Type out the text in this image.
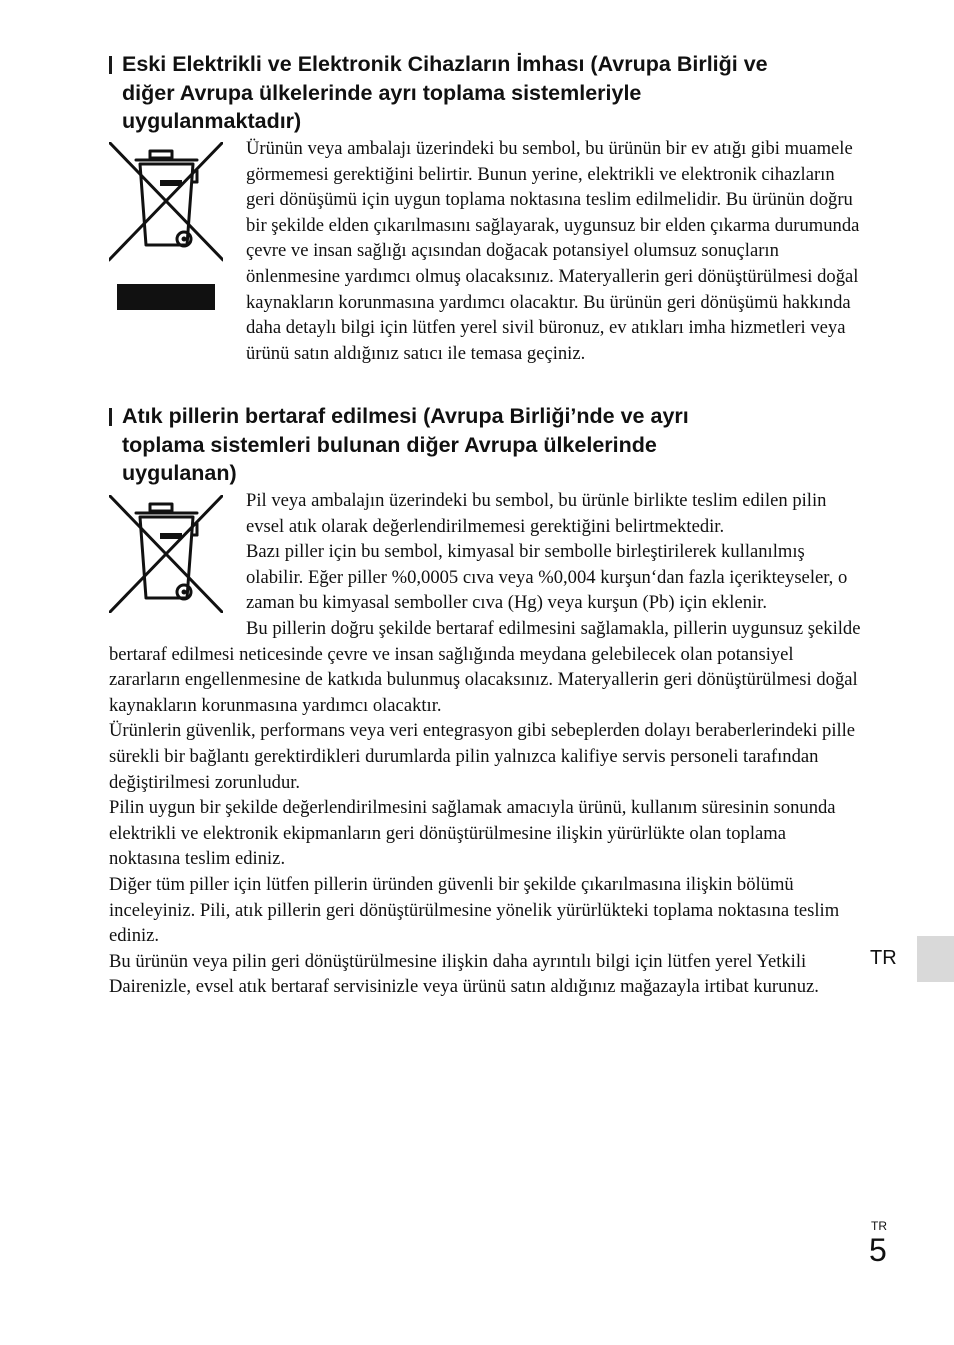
Eski Elektrikli ve Elektronik Cihazların İmhası (Avrupa Birliği ve
diğer Avrupa ülkelerinde ayrı toplama sistemleriyle
uygulanmaktadır)

Ürünün veya ambalajı üzerindeki bu sembol, bu ürünün bir ev atığı gibi muamele görmemesi gerektiğini belirtir. Bunun yerine, elektrikli ve elektronik cihazların geri dönüşümü için uygun toplama noktasına teslim edilmelidir. Bu ürünün doğru bir şekilde elden çıkarılmasını sağlayarak, uygunsuz bir elden çıkarma durumunda çevre ve insan sağlığı açısından doğacak potansiyel olumsuz sonuçların önlenmesine yardımcı olmuş olacaksınız. Materyallerin geri dönüştürülmesi doğal kaynakların korunmasına yardımcı olacaktır. Bu ürünün geri dönüşümü hakkında daha detaylı bilgi için lütfen yerel sivil büronuz, ev atıkları imha hizmetleri veya ürünü satın aldığınız satıcı ile temasa geçiniz.

Atık pillerin bertaraf edilmesi (Avrupa Birliği’nde ve ayrı
toplama sistemleri bulunan diğer Avrupa ülkelerinde
uygulanan)
Pil veya ambalajın üzerindeki bu sembol, bu ürünle birlikte teslim edilen pilin evsel atık olarak değerlendirilmemesi gerektiğini belirtmektedir.
Bazı piller için bu sembol, kimyasal bir sembolle birleştirilerek kullanılmış olabilir. Eğer piller %0,0005 cıva veya %0,004 kurşun‘dan fazla içerikteyseler, o zaman bu kimyasal semboller cıva (Hg) veya kurşun (Pb) için eklenir.
Bu pillerin doğru şekilde bertaraf edilmesini sağlamakla, pillerin uygunsuz şekilde bertaraf edilmesi neticesinde çevre ve insan sağlığında meydana gelebilecek olan potansiyel zararların engellenmesine de katkıda bulunmuş olacaksınız. Materyallerin geri dönüştürülmesi doğal kaynakların korunmasına yardımcı olacaktır.
Ürünlerin güvenlik, performans veya veri entegrasyon gibi sebeplerden dolayı beraberlerindeki pille sürekli bir bağlantı gerektirdikleri durumlarda pilin yalnızca kalifiye servis personeli tarafından değiştirilmesi zorunludur.
Pilin uygun bir şekilde değerlendirilmesini sağlamak amacıyla ürünü, kullanım süresinin sonunda elektrikli ve elektronik ekipmanların geri dönüştürülmesine ilişkin yürürlükte olan toplama noktasına teslim ediniz.
Diğer tüm piller için lütfen pillerin üründen güvenli bir şekilde çıkarılmasına ilişkin bölümü inceleyiniz. Pili, atık pillerin geri dönüştürülmesine yönelik yürürlükteki toplama noktasına teslim ediniz.
Bu ürünün veya pilin geri dönüştürülmesine ilişkin daha ayrıntılı bilgi için lütfen yerel Yetkili Dairenizle, evsel atık bertaraf servisinizle veya ürünü satın aldığınız mağazayla irtibat kurunuz.
TR
TR
5
